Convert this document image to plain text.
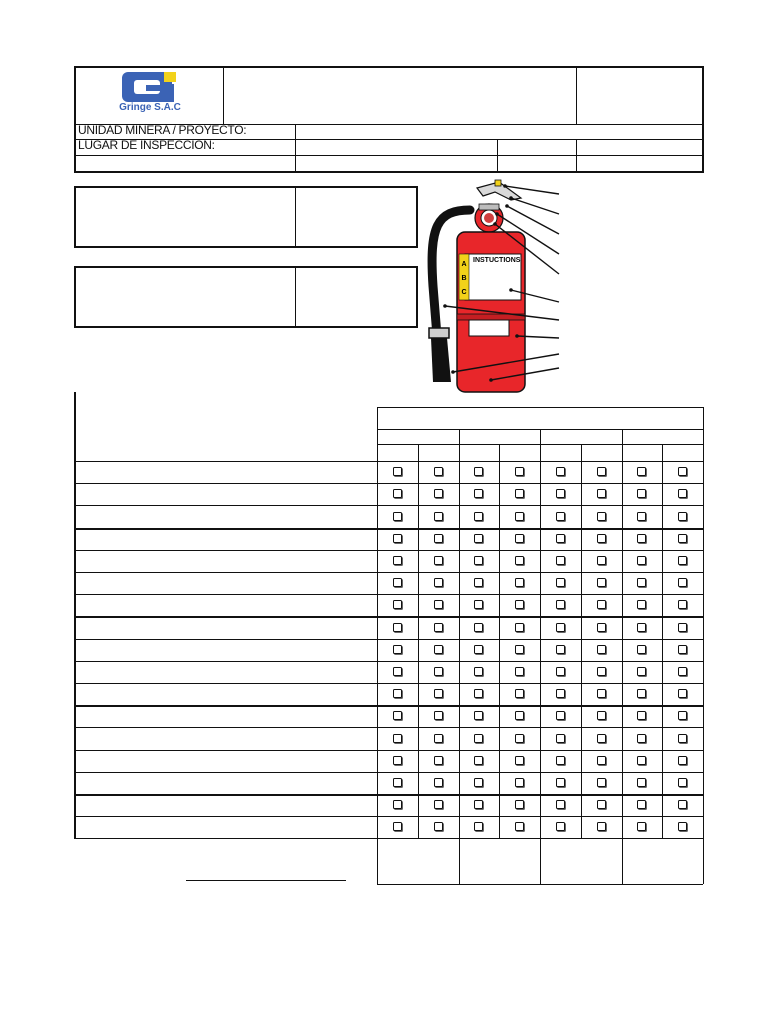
Gringe S.A.C
UNIDAD MINERA / PROYECTO:
LUGAR DE INSPECCION:
A
B
C
INSTUCTIONS
